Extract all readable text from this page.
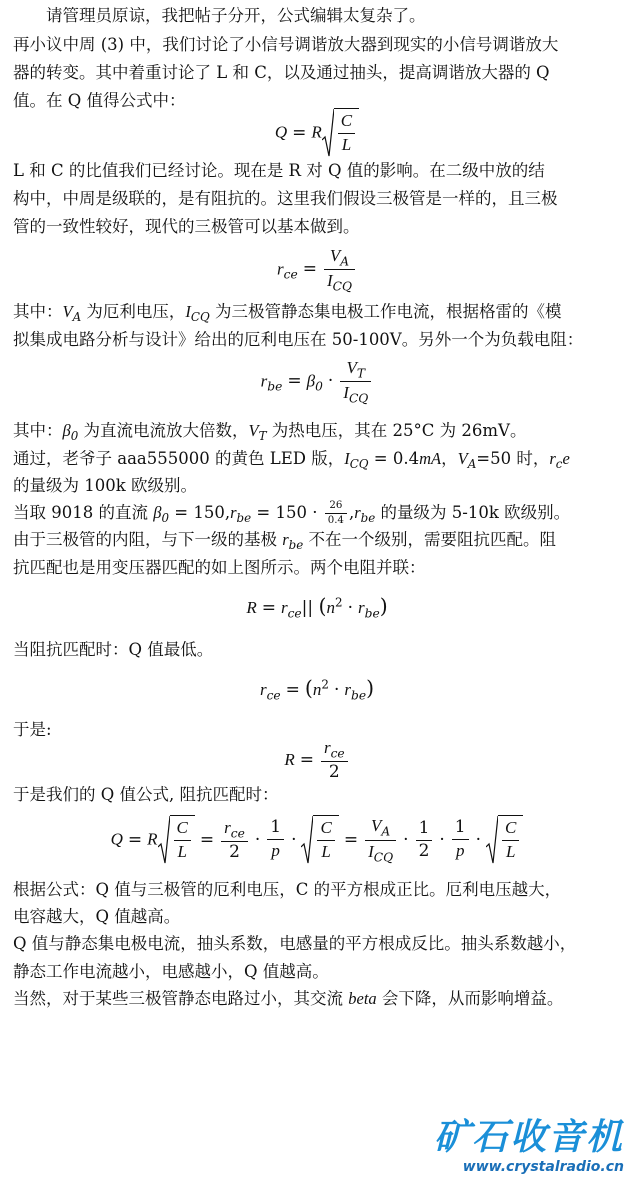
请管理员原谅，我把帖子分开，公式编辑太复杂了。
再小议中周 (3) 中，我们讨论了小信号调谐放大器到现实的小信号调谐放大
器的转变。其中着重讨论了 L 和 C，以及通过抽头，提高调谐放大器的 Q
值。在 Q 值得公式中：
Q = R $\frac{C}{L}$
L 和 C 的比值我们已经讨论。现在是 R 对 Q 值的影响。在二级中放的结
构中，中周是级联的，是有阻抗的。这里我们假设三极管是一样的，且三极
管的一致性较好，现代的三极管可以基本做到。
$r_{ce} = \frac{V_A}{I_{CQ}}$
其中：$V_A$ 为厄利电压，$I_{CQ}$ 为三极管静态集电极工作电流，根据格雷的《模
拟集成电路分析与设计》给出的厄利电压在 50-100V。另外一个为负载电阻：
$r_{be} = \beta_0 \cdot \frac{V_T}{I_{CQ}}$
其中：$\beta_0$ 为直流电流放大倍数，$V_T$ 为热电压，其在 25°C 为 26mV。
通过，老爷子 aaa555000 的黄色 LED 版，$I_{CQ} = 0.4mA$，$V_A=50$ 时，$r_ce$
的量级为 100k 欧级别。
当取 9018 的直流 $\beta_0 = 150,r_{be} = 150 \cdot \frac{26}{0.4} ,r_{be}$ 的量级为 5-10k 欧级别。
由于三极管的内阻，与下一级的基极 $r_{be}$ 不在一个级别，需要阻抗匹配。阻
抗匹配也是用变压器匹配的如上图所示。两个电阻并联：
$R = r_{ce}||$ $(n^2 \cdot r_{be})$
当阻抗匹配时：Q 值最低。
$r_{ce} = (n^2 \cdot r_{be})$
于是:
$R = \frac{r_{ce}}{2}$
于是我们的 Q 值公式, 阻抗匹配时：
Q = R $\frac{C}{L} = \frac{r_{ce}}{2} \cdot \frac{1}{p} \cdot \frac{C}{L} = \frac{V_A}{I_{CQ}} \cdot \frac{1}{2} \cdot \frac{1}{p} \cdot \frac{C}{L}$
根据公式：Q 值与三极管的厄利电压，C 的平方根成正比。厄利电压越大，
电容越大，Q 值越高。
Q 值与静态集电极电流，抽头系数，电感量的平方根成反比。抽头系数越小，
静态工作电流越小，电感越小，Q 值越高。
当然，对于某些三极管静态电路过小，其交流 beta 会下降，从而影响增益。
矿石收音机
www.crystalradio.cn
